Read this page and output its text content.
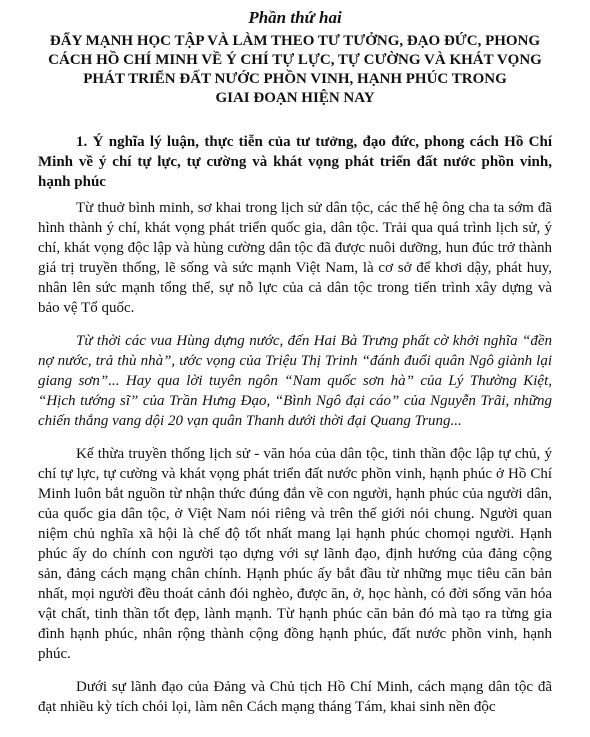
Phần thứ hai
ĐẨY MẠNH HỌC TẬP VÀ LÀM THEO TƯ TƯỞNG, ĐẠO ĐỨC, PHONG
CÁCH HỒ CHÍ MINH VỀ Ý CHÍ TỰ LỰC, TỰ CƯỜNG VÀ KHÁT VỌNG
PHÁT TRIỂN ĐẤT NƯỚC PHỒN VINH, HẠNH PHÚC TRONG
GIAI ĐOẠN HIỆN NAY
1. Ý nghĩa lý luận, thực tiễn của tư tưởng, đạo đức, phong cách Hồ Chí Minh về ý chí tự lực, tự cường và khát vọng phát triển đất nước phồn vinh, hạnh phúc

Từ thuở bình minh, sơ khai trong lịch sử dân tộc, các thế hệ ông cha ta sớm đã hình thành ý chí, khát vọng phát triển quốc gia, dân tộc. Trải qua quá trình lịch sử, ý chí, khát vọng độc lập và hùng cường dân tộc đã được nuôi dưỡng, hun đúc trở thành giá trị truyền thống, lẽ sống và sức mạnh Việt Nam, là cơ sở để khơi dậy, phát huy, nhân lên sức mạnh tổng thể, sự nỗ lực của cả dân tộc trong tiến trình xây dựng và bảo vệ Tổ quốc.

Từ thời các vua Hùng dựng nước, đến Hai Bà Trưng phất cờ khởi nghĩa “đền nợ nước, trả thù nhà”, ước vọng của Triệu Thị Trinh “đánh đuổi quân Ngô giành lại giang sơn”... Hay qua lời tuyên ngôn “Nam quốc sơn hà” của Lý Thường Kiệt, “Hịch tướng sĩ” của Trần Hưng Đạo, “Bình Ngô đại cáo” của Nguyễn Trãi, những chiến thắng vang dội 20 vạn quân Thanh dưới thời đại Quang Trung...

Kế thừa truyền thống lịch sử - văn hóa của dân tộc, tinh thần độc lập tự chủ, ý chí tự lực, tự cường và khát vọng phát triển đất nước phồn vinh, hạnh phúc ở Hồ Chí Minh luôn bắt nguồn từ nhận thức đúng đắn về con người, hạnh phúc của người dân, của quốc gia dân tộc, ở Việt Nam nói riêng và trên thế giới nói chung. Người quan niệm chủ nghĩa xã hội là chế độ tốt nhất mang lại hạnh phúc chomọi người. Hạnh phúc ấy do chính con người tạo dựng với sự lãnh đạo, định hướng của đảng cộng sản, đảng cách mạng chân chính. Hạnh phúc ấy bắt đầu từ những mục tiêu căn bản nhất, mọi người đều thoát cảnh đói nghèo, được ăn, ở, học hành, có đời sống văn hóa vật chất, tinh thần tốt đẹp, lành mạnh. Từ hạnh phúc căn bản đó mà tạo ra từng gia đình hạnh phúc, nhân rộng thành cộng đồng hạnh phúc, đất nước phồn vinh, hạnh phúc.

Dưới sự lãnh đạo của Đảng và Chủ tịch Hồ Chí Minh, cách mạng dân tộc đã đạt nhiều kỳ tích chói lọi, làm nên Cách mạng tháng Tám, khai sinh nền độc
